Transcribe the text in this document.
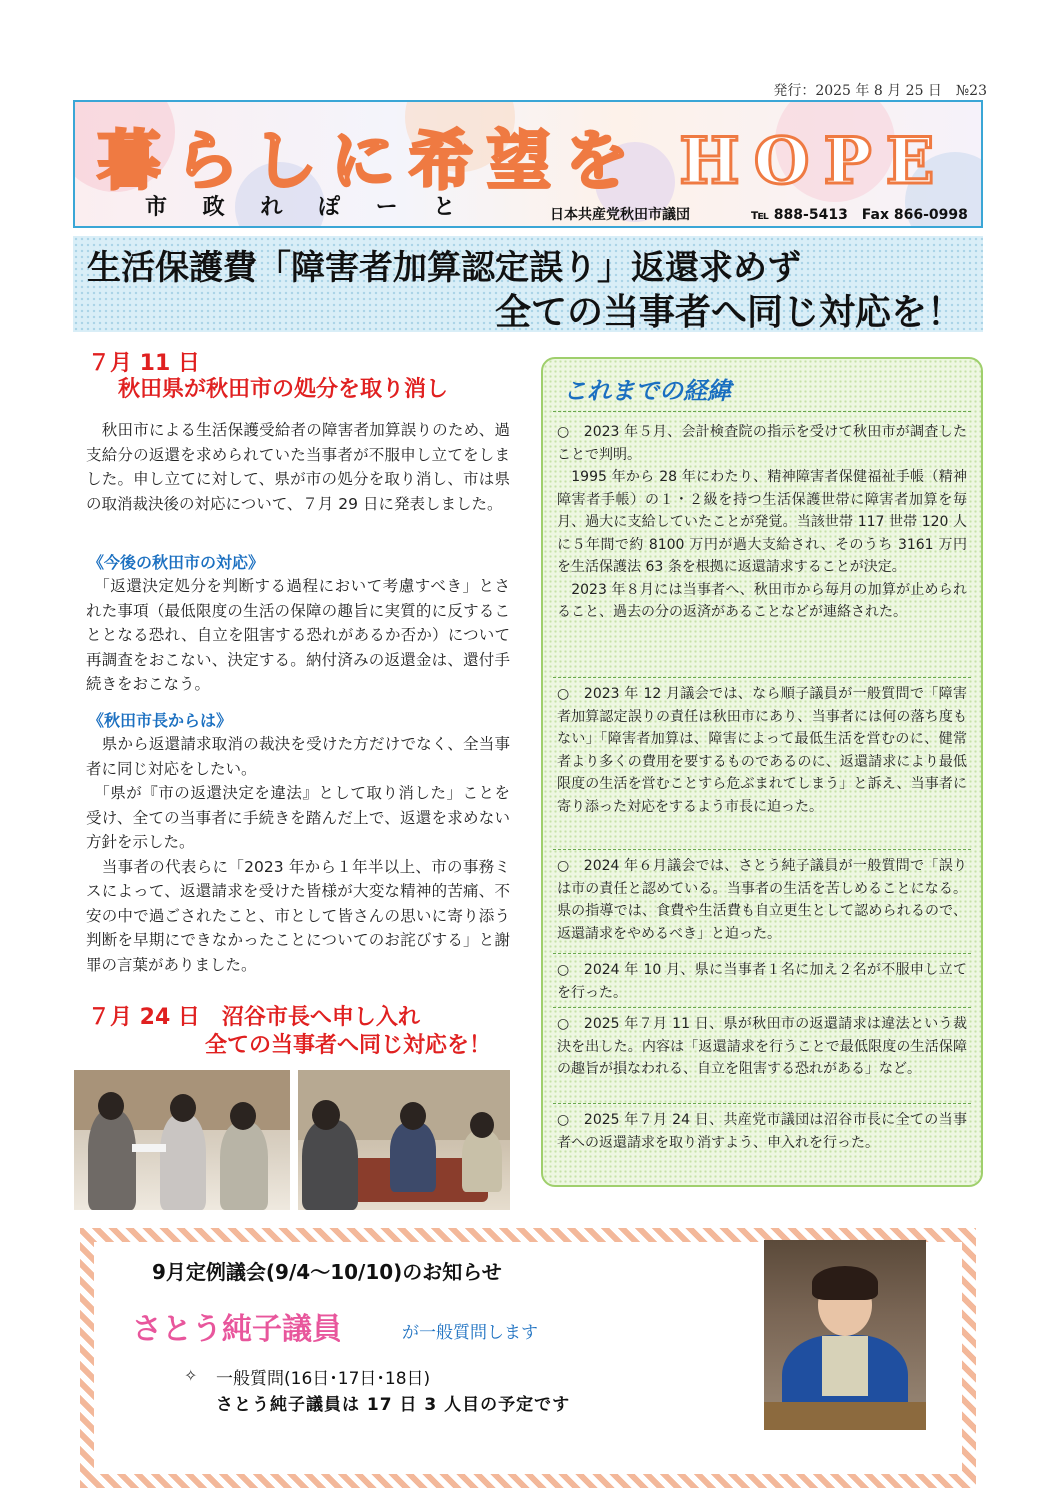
発行：2025 年 8 月 25 日　№23
暮らしに希望を HOPE
市 政 れ ぽ ー と	日本共産党秋田市議団	℡ 888-5413　Fax 866-0998
生活保護費「障害者加算認定誤り」返還求めず
全ての当事者へ同じ対応を！
７月 11 日
秋田県が秋田市の処分を取り消し
　秋田市による生活保護受給者の障害者加算誤りのため、過支給分の返還を求められていた当事者が不服申し立てをしました。申し立てに対して、県が市の処分を取り消し、市は県の取消裁決後の対応について、７月 29 日に発表しました。
《今後の秋田市の対応》
　「返還決定処分を判断する過程において考慮すべき」とされた事項（最低限度の生活の保障の趣旨に実質的に反することとなる恐れ、自立を阻害する恐れがあるか否か）について再調査をおこない、決定する。納付済みの返還金は、還付手続きをおこなう。
《秋田市長からは》
　県から返還請求取消の裁決を受けた方だけでなく、全当事者に同じ対応をしたい。
　「県が『市の返還決定を違法』として取り消した」ことを受け、全ての当事者に手続きを踏んだ上で、返還を求めない方針を示した。
　当事者の代表らに「2023 年から１年半以上、市の事務ミスによって、返還請求を受けた皆様が大変な精神的苦痛、不安の中で過ごされたこと、市として皆さんの思いに寄り添う判断を早期にできなかったことについてのお詫びする」と謝罪の言葉がありました。
７月 24 日　沼谷市長へ申し入れ
全ての当事者へ同じ対応を！
これまでの経緯
○　2023 年５月、会計検査院の指示を受けて秋田市が調査したことで判明。
　1995 年から 28 年にわたり、精神障害者保健福祉手帳（精神障害者手帳）の１・２級を持つ生活保護世帯に障害者加算を毎月、過大に支給していたことが発覚。当該世帯 117 世帯 120 人に５年間で約 8100 万円が過大支給され、そのうち 3161 万円を生活保護法 63 条を根拠に返還請求することが決定。
　2023 年８月には当事者へ、秋田市から毎月の加算が止められること、過去の分の返済があることなどが連絡された。
○　2023 年 12 月議会では、なら順子議員が一般質問で「障害者加算認定誤りの責任は秋田市にあり、当事者には何の落ち度もない」「障害者加算は、障害によって最低生活を営むのに、健常者より多くの費用を要するものであるのに、返還請求により最低限度の生活を営むことすら危ぶまれてしまう」と訴え、当事者に寄り添った対応をするよう市長に迫った。
○　2024 年６月議会では、さとう純子議員が一般質問で「誤りは市の責任と認めている。当事者の生活を苦しめることになる。県の指導では、食費や生活費も自立更生として認められるので、返還請求をやめるべき」と迫った。
○　2024 年 10 月、県に当事者１名に加え２名が不服申し立てを行った。
○　2025 年７月 11 日、県が秋田市の返還請求は違法という裁決を出した。内容は「返還請求を行うことで最低限度の生活保障の趣旨が損なわれる、自立を阻害する恐れがある」など。
○　2025 年７月 24 日、共産党市議団は沼谷市長に全ての当事者への返還請求を取り消すよう、申入れを行った。
9月定例議会(9/4～10/10)のお知らせ
さとう純子議員	が一般質問します
✧ 一般質問(16日･17日･18日)
さとう純子議員は 17 日 3 人目の予定です
